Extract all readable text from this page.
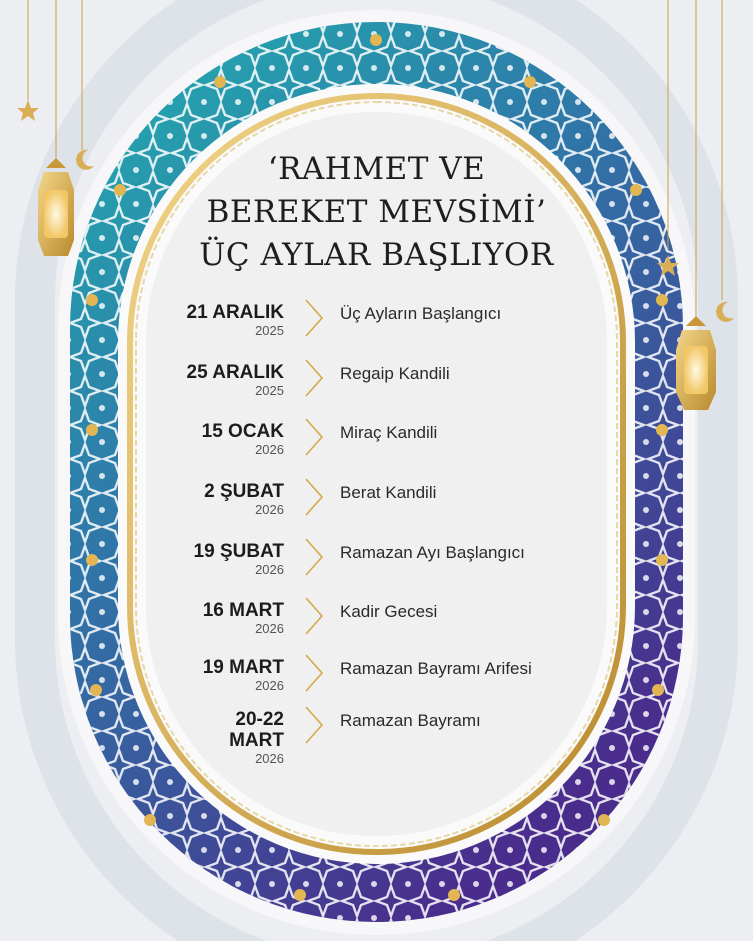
‘RAHMET VE
BEREKET MEVSİMİ’
ÜÇ AYLAR BAŞLIYOR
21 ARALIK
2025
Üç Ayların Başlangıcı
25 ARALIK
2025
Regaip Kandili
15 OCAK
2026
Miraç Kandili
2 ŞUBAT
2026
Berat Kandili
19 ŞUBAT
2026
Ramazan Ayı Başlangıcı
16 MART
2026
Kadir Gecesi
19 MART
2026
Ramazan Bayramı Arifesi
20-22
MART
2026
Ramazan Bayramı
